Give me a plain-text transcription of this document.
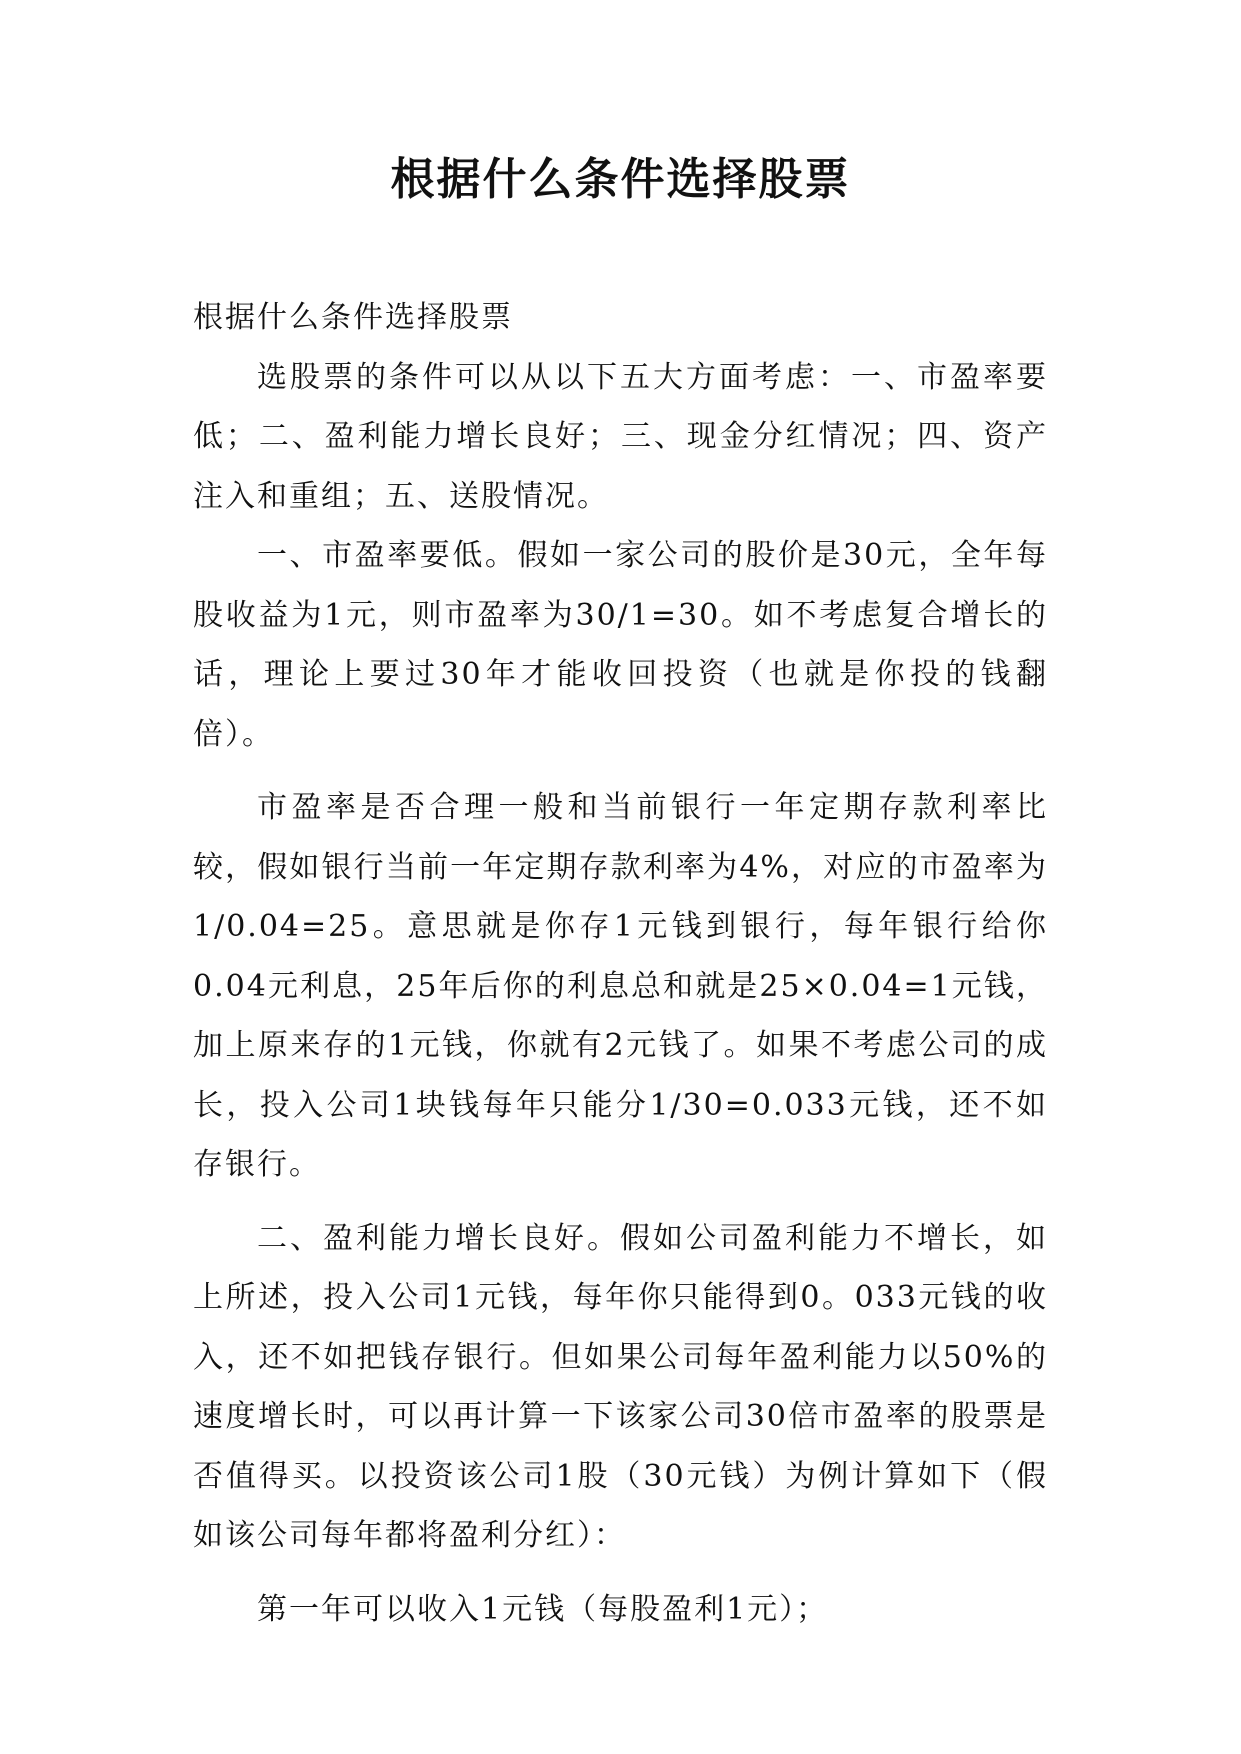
根据什么条件选择股票

根据什么条件选择股票

选股票的条件可以从以下五大方面考虑：一、市盈率要低；二、盈利能力增长良好；三、现金分红情况；四、资产注入和重组；五、送股情况。

一、市盈率要低。假如一家公司的股价是30元，全年每股收益为1元，则市盈率为30/1=30。如不考虑复合增长的话，理论上要过30年才能收回投资（也就是你投的钱翻倍）。

市盈率是否合理一般和当前银行一年定期存款利率比较，假如银行当前一年定期存款利率为4%，对应的市盈率为1/0.04=25。意思就是你存1元钱到银行，每年银行给你0.04元利息，25年后你的利息总和就是25×0.04=1元钱，加上原来存的1元钱，你就有2元钱了。如果不考虑公司的成长，投入公司1块钱每年只能分1/30=0.033元钱，还不如存银行。

二、盈利能力增长良好。假如公司盈利能力不增长，如上所述，投入公司1元钱，每年你只能得到0。033元钱的收入，还不如把钱存银行。但如果公司每年盈利能力以50%的速度增长时，可以再计算一下该家公司30倍市盈率的股票是否值得买。以投资该公司1股（30元钱）为例计算如下（假如该公司每年都将盈利分红）：

第一年可以收入1元钱（每股盈利1元）；
